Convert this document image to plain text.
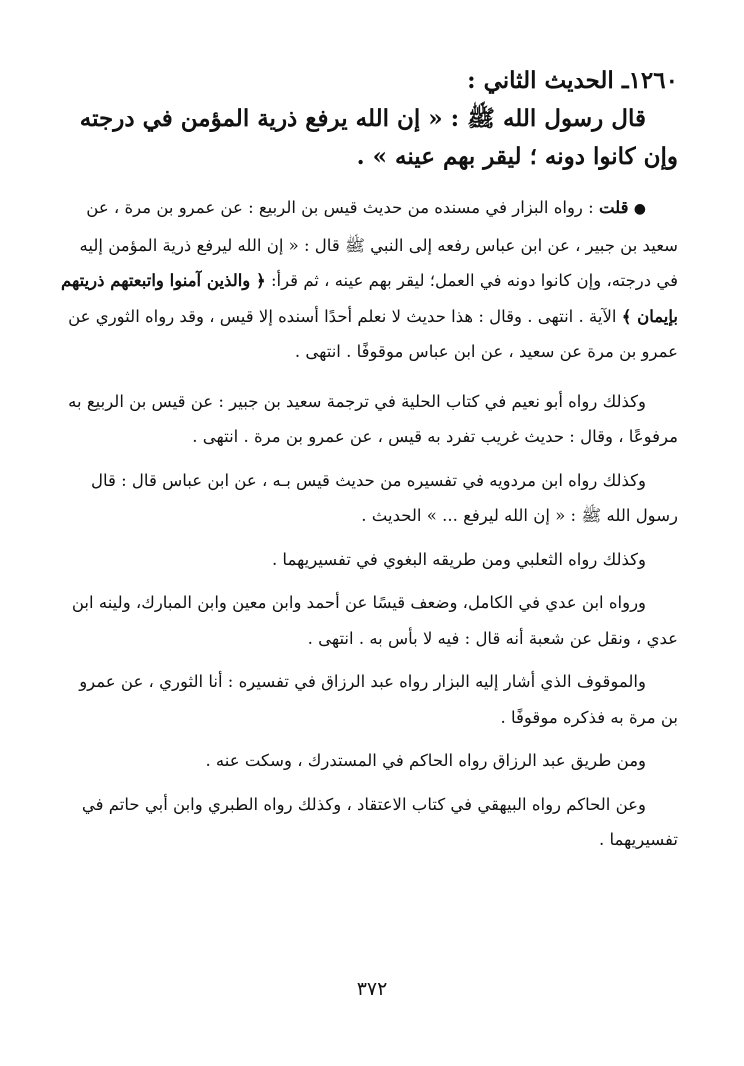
١٢٦٠ـ الحديث الثاني :

قال رسول الله ﷺ : « إن الله يرفع ذرية المؤمن في درجته وإن كانوا دونه ؛ ليقر بهم عينه » .

● قلت : رواه البزار في مسنده من حديث قيس بن الربيع : عن عمرو بن مرة ، عن سعيد بن جبير ، عن ابن عباس رفعه إلى النبي ﷺ قال : « إن الله ليرفع ذرية المؤمن إليه في درجته، وإن كانوا دونه في العمل؛ ليقر بهم عينه ، ثم قرأ: ﴿ والذين آمنوا واتبعتهم ذريتهم بإيمان ﴾ الآية . انتهى . وقال : هذا حديث لا نعلم أحدًا أسنده إلا قيس ، وقد رواه الثوري عن عمرو بن مرة عن سعيد ، عن ابن عباس موقوفًا . انتهى .

وكذلك رواه أبو نعيم في كتاب الحلية في ترجمة سعيد بن جبير : عن قيس بن الربيع به مرفوعًا ، وقال : حديث غريب تفرد به قيس ، عن عمرو بن مرة . انتهى .

وكذلك رواه ابن مردويه في تفسيره من حديث قيس بـه ، عن ابن عباس قال : قال رسول الله ﷺ : « إن الله ليرفع ... » الحديث .

وكذلك رواه الثعلبي ومن طريقه البغوي في تفسيريهما .

ورواه ابن عدي في الكامل، وضعف قيسًا عن أحمد وابن معين وابن المبارك، ولينه ابن عدي ، ونقل عن شعبة أنه قال : فيه لا بأس به . انتهى .

والموقوف الذي أشار إليه البزار رواه عبد الرزاق في تفسيره : أنا الثوري ، عن عمرو بن مرة به فذكره موقوفًا .

ومن طريق عبد الرزاق رواه الحاكم في المستدرك ، وسكت عنه .

وعن الحاكم رواه البيهقي في كتاب الاعتقاد ، وكذلك رواه الطبري وابن أبي حاتم في تفسيريهما .

٣٧٢
